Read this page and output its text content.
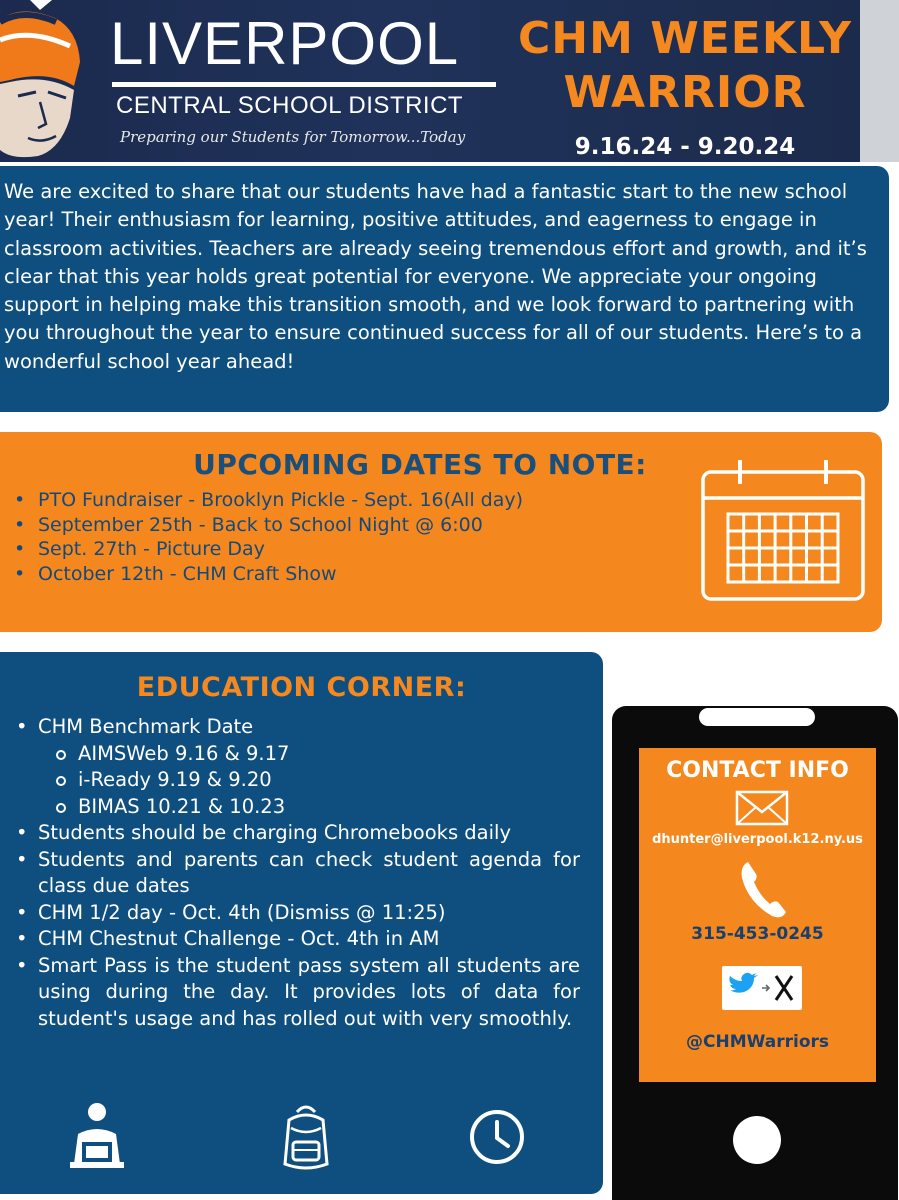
LIVERPOOL
CENTRAL SCHOOL DISTRICT
Preparing our Students for Tomorrow...Today
CHM WEEKLY WARRIOR
9.16.24 - 9.20.24

We are excited to share that our students have had a fantastic start to the new school year! Their enthusiasm for learning, positive attitudes, and eagerness to engage in classroom activities. Teachers are already seeing tremendous effort and growth, and it’s clear that this year holds great potential for everyone. We appreciate your ongoing support in helping make this transition smooth, and we look forward to partnering with you throughout the year to ensure continued success for all of our students. Here’s to a wonderful school year ahead!

UPCOMING DATES TO NOTE:
• PTO Fundraiser - Brooklyn Pickle - Sept. 16(All day)
• September 25th - Back to School Night @ 6:00
• Sept. 27th - Picture Day
• October 12th - CHM Craft Show
EDUCATION CORNER:
• CHM Benchmark Date
AIMSWeb 9.16 & 9.17
i-Ready 9.19 & 9.20
BIMAS 10.21 & 10.23
• Students should be charging Chromebooks daily
• Students and parents can check student agenda for class due dates
• CHM 1/2 day - Oct. 4th (Dismiss @ 11:25)
• CHM Chestnut Challenge - Oct. 4th in AM
• Smart Pass is the student pass system all students are using during the day. It provides lots of data for student's usage and has rolled out with very smoothly.
CONTACT INFO
dhunter@liverpool.k12.ny.us
315-453-0245
@CHMWarriors
